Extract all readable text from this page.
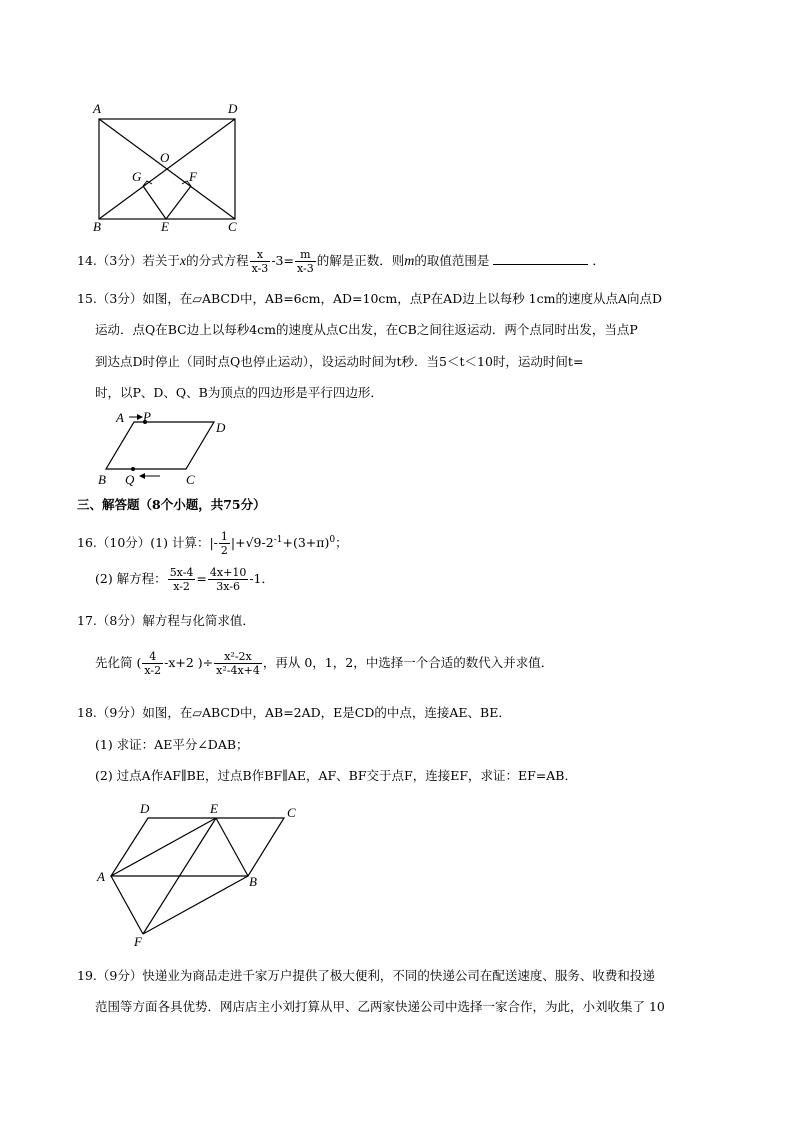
A	D
O
G	F
B	E	C
14.（3分）若关于x的分式方程 $\frac{x}{x-3} -3= \frac{m}{x-3}$ 的解是正数．则m的取值范围是	．
15.（3分）如图，在▱ABCD中，AB=6cm，AD=10cm，点P在AD边上以每秒 1cm的速度从点A向点D
运动．点Q在BC边上以每秒4cm的速度从点C出发，在CB之间往返运动．两个点同时出发，当点P
到达点D时停止（同时点Q也停止运动），设运动时间为t秒．当5＜t＜10时，运动时间t=
时，以P、D、Q、B为顶点的四边形是平行四边形．
A P
D
B Q	C
三、解答题（8个小题，共75分）
16.（10分）(1) 计算：|- $\frac{1}{2} |+√9-2^{-1}+(3+\pi)^0$；
(2) 解方程： $\frac{5x-4}{x-2} = \frac{4x+10}{3x-6} -1$．
17.（8分）解方程与化简求值．
先化简 ( $\frac{4}{x-2} -x+2$ )÷ $\frac{\text{x²-2x}}{\text{x²-4x+4}}$ ，再从 0，1，2，中选择一个合适的数代入并求值．
18.（9分）如图，在▱ABCD中，AB=2AD，E是CD的中点，连接AE、BE．
(1) 求证：AE平分∠DAB；
(2) 过点A作AF∥BE，过点B作BF∥AE，AF、BF交于点F，连接EF，求证：EF=AB．
D	E	C
A	B
F
19.（9分）快递业为商品走进千家万户提供了极大便利，不同的快递公司在配送速度、服务、收费和投递
范围等方面各具优势．网店店主小刘打算从甲、乙两家快递公司中选择一家合作，为此，小刘收集了 10
